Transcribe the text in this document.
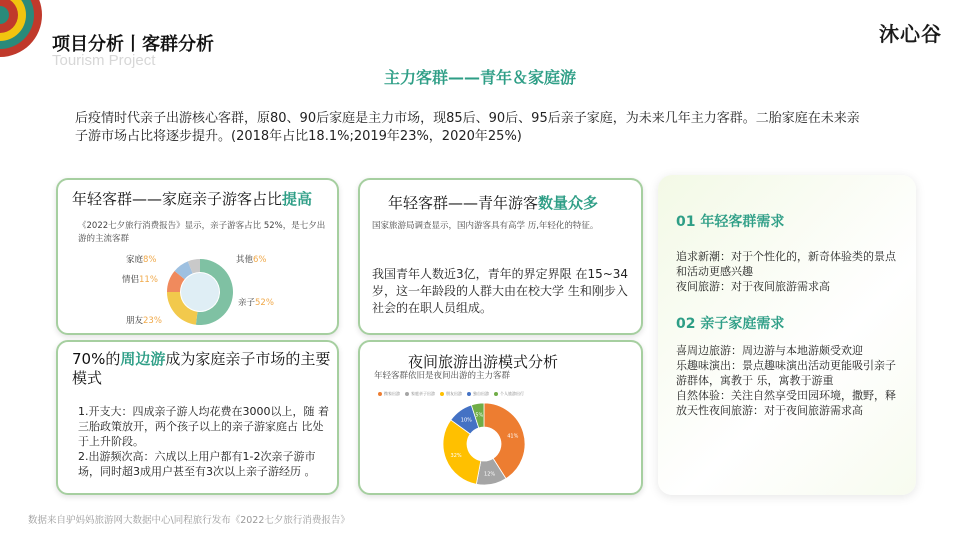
沐心谷
项目分析丨客群分析
Tourism Project
主力客群——青年＆家庭游
后疫情时代亲子出游核心客群，原80、90后家庭是主力市场，现85后、90后、95后亲子家庭，为未来几年主力客群。二胎家庭在未来亲子游市场占比将逐步提升。(2018年占比18.1%;2019年23%，2020年25%)
年轻客群——家庭亲子游客占比提高
《2022七夕旅行消费报告》显示，亲子游客占比 52%，是七夕出游的主流客群
家庭8%	其他6%
情侣11%
朋友23%
亲子52%
年轻客群——青年游客数量众多
国家旅游局调查显示，国内游客具有高学 历,年轻化的特征。
我国青年人数近3亿，青年的界定界限 在15~34岁，这一年龄段的人群大由在校大学 生和刚步入社会的在职人员组成。
70%的周边游成为家庭亲子市场的主要模式
1.开支大：四成亲子游人均花费在3000以上，随 着三胎政策放开，两个孩子以上的亲子游家庭占 比处于上升阶段。
2.出游频次高：六成以上用户都有1-2次亲子游市 场，同时超3成用户甚至有3次以上亲子游经历 。
夜间旅游出游模式分析
年轻客群依旧是夜间出游的主力客群
携家出游	家庭亲子出游	朋友出游	独自出游	个人旅游出行
41%
12%
32%
10%
5%
01 年轻客群需求
追求新潮：对于个性化的，新奇体验类的景点和活动更感兴趣
夜间旅游：对于夜间旅游需求高
02 亲子家庭需求
喜周边旅游：周边游与本地游颇受欢迎
乐趣味演出：景点趣味演出活动更能吸引亲子游群体，寓教于 乐，寓教于游重
自然体验：关注自然享受田园环境，撒野，释放天性夜间旅游：对于夜间旅游需求高
数据来自驴妈妈旅游网大数据中心\同程旅行发布《2022七夕旅行消费报告》
